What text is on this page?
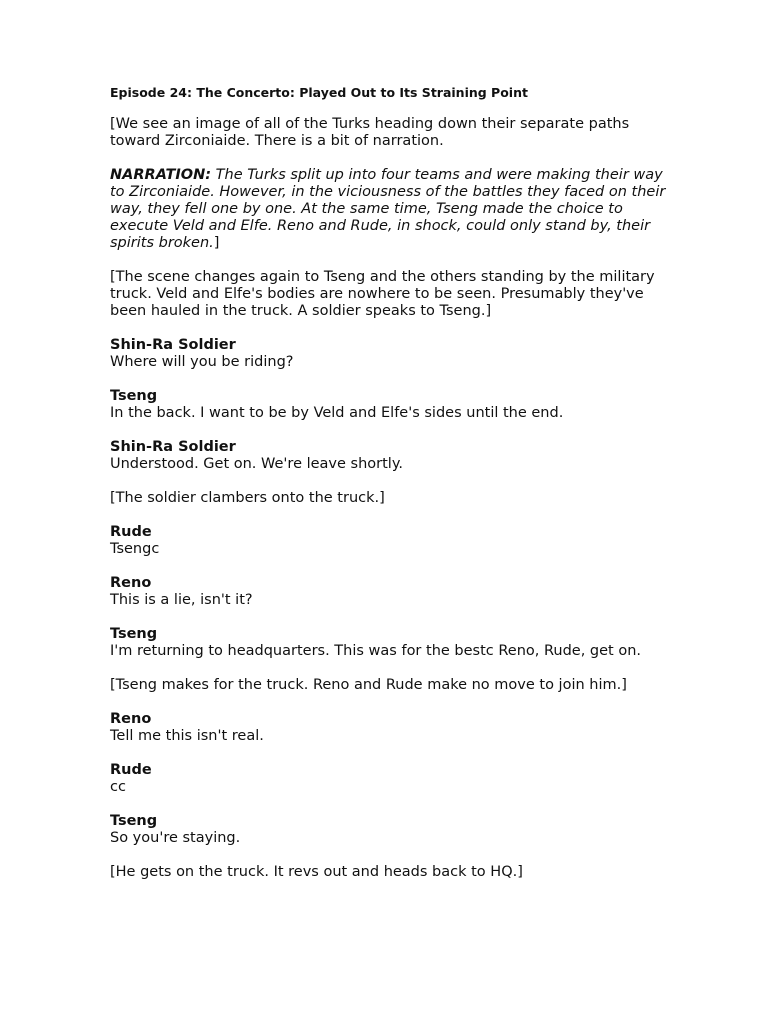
Episode 24: The Concerto: Played Out to Its Straining Point

[We see an image of all of the Turks heading down their separate paths toward Zirconiaide. There is a bit of narration.

NARRATION: The Turks split up into four teams and were making their way to Zirconiaide. However, in the viciousness of the battles they faced on their way, they fell one by one. At the same time, Tseng made the choice to execute Veld and Elfe. Reno and Rude, in shock, could only stand by, their spirits broken.]

[The scene changes again to Tseng and the others standing by the military truck. Veld and Elfe's bodies are nowhere to be seen. Presumably they've been hauled in the truck. A soldier speaks to Tseng.]

Shin-Ra Soldier

Where will you be riding?

Tseng

In the back. I want to be by Veld and Elfe's sides until the end.

Shin-Ra Soldier

Understood. Get on. We're leave shortly.

[The soldier clambers onto the truck.]

Rude

Tsengc

Reno

This is a lie, isn't it?

Tseng

I'm returning to headquarters. This was for the bestc Reno, Rude, get on.

[Tseng makes for the truck. Reno and Rude make no move to join him.]

Reno

Tell me this isn't real.

Rude

cc

Tseng

So you're staying.

[He gets on the truck. It revs out and heads back to HQ.]
